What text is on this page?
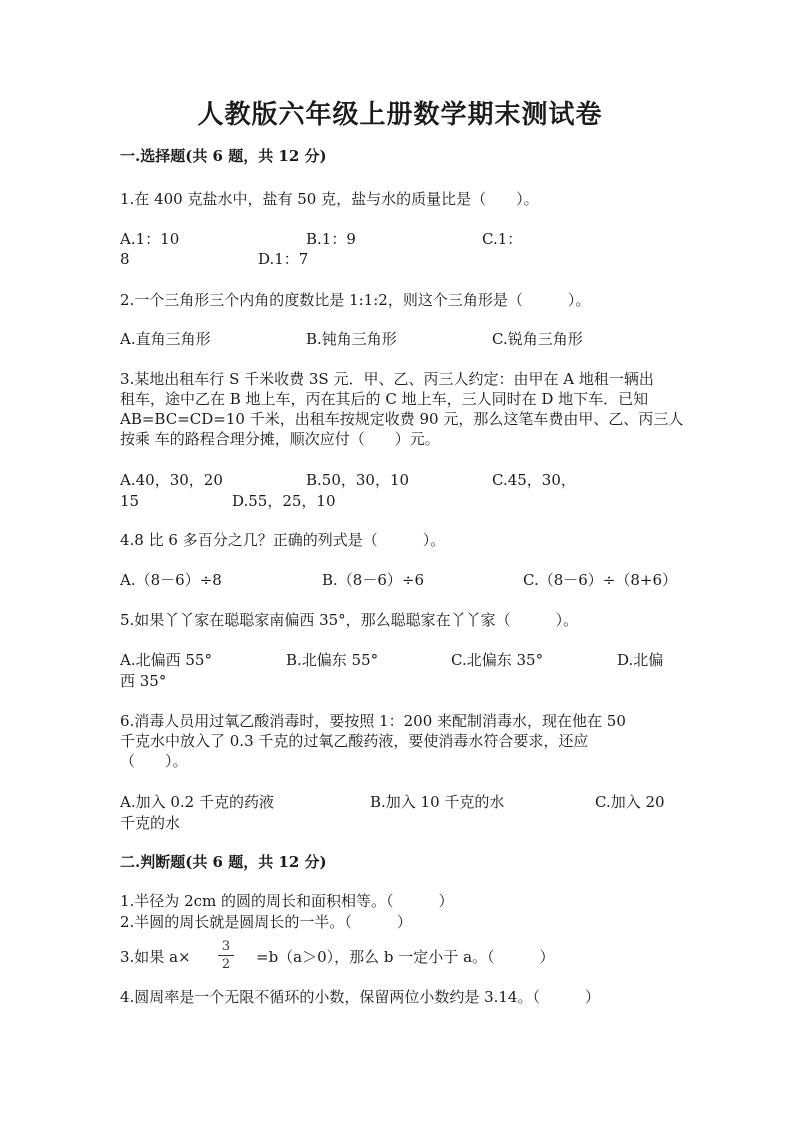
人教版六年级上册数学期末测试卷
一.选择题(共 6 题，共 12 分)
1.在 400 克盐水中，盐有 50 克，盐与水的质量比是（　　）。
A.1：10	B.1：9	C.1：
8	D.1：7
2.一个三角形三个内角的度数比是 1:1:2，则这个三角形是（　　　）。
A.直角三角形	B.钝角三角形	C.锐角三角形
3.某地出租车行 S 千米收费 3S 元．甲、乙、丙三人约定：由甲在 A 地租一辆出
租车，途中乙在 B 地上车，丙在其后的 C 地上车，三人同时在 D 地下车．已知
AB=BC=CD=10 千米，出租车按规定收费 90 元，那么这笔车费由甲、乙、丙三人
按乘 车的路程合理分摊，顺次应付（　　）元。
A.40，30，20	B.50，30，10	C.45，30，
15	D.55，25，10
4.8 比 6 多百分之几？正确的列式是（　　　）。
A.（8－6）÷8	B.（8－6）÷6	C.（8－6）÷（8+6）
5.如果丫丫家在聪聪家南偏西 35°，那么聪聪家在丫丫家（　　　）。
A.北偏西 55°	B.北偏东 55°	C.北偏东 35°	D.北偏
西 35°
6.消毒人员用过氧乙酸消毒时，要按照 1：200 来配制消毒水，现在他在 50
千克水中放入了 0.3 千克的过氧乙酸药液，要使消毒水符合要求，还应
（　　）。
A.加入 0.2 千克的药液	B.加入 10 千克的水	C.加入 20
千克的水
二.判断题(共 6 题，共 12 分)
1.半径为 2cm 的圆的周长和面积相等。（　　　）
2.半圆的周长就是圆周长的一半。（　　　）
3.如果 a×
3
2	=b（a＞0），那么 b 一定小于 a。（　　　）
4.圆周率是一个无限不循环的小数，保留两位小数约是 3.14。（　　　）
